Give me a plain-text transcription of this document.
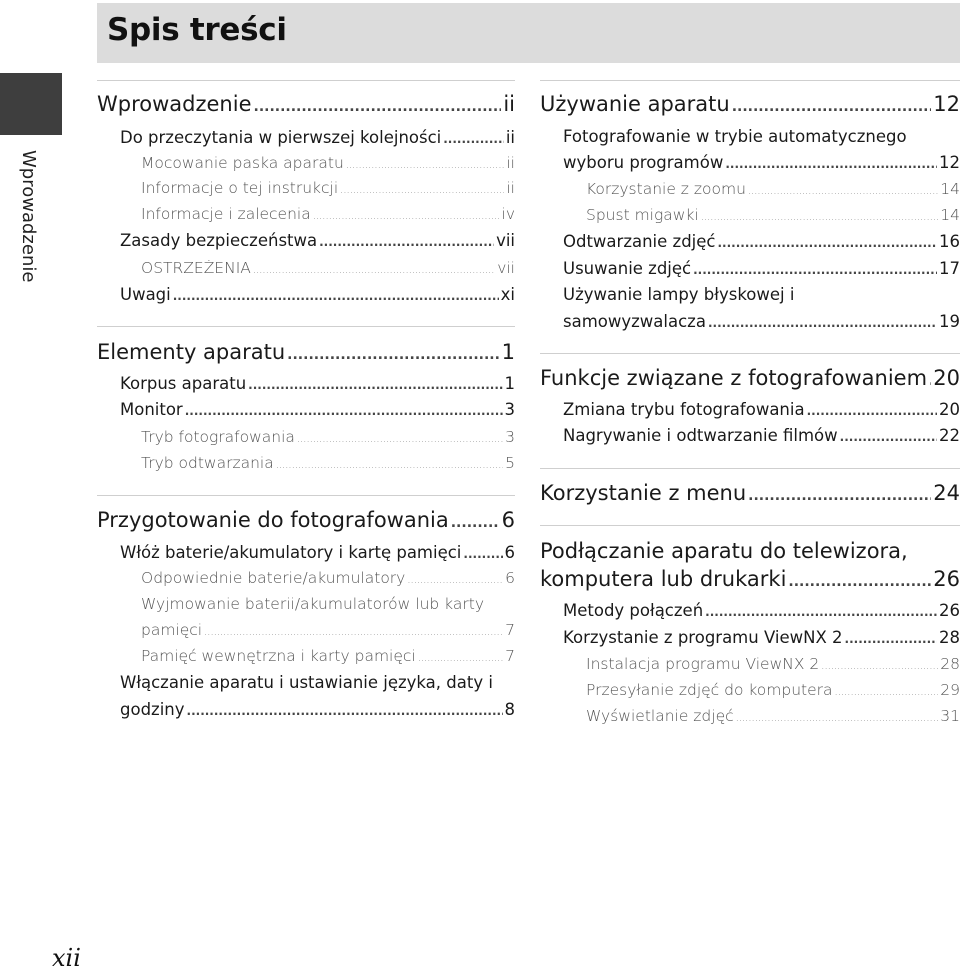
Spis treści
Wprowadzenie
Wprowadzenie .....	ii
Do przeczytania w pierwszej kolejności .....	ii
Mocowanie paska aparatu .....	ii
Informacje o tej instrukcji .....	ii
Informacje i zalecenia .....	iv
Zasady bezpieczeństwa .....	vii
OSTRZEŻENIA .....	vii
Uwagi .....	xi
Elementy aparatu .....	1
Korpus aparatu .....	1
Monitor .....	3
Tryb fotografowania .....	3
Tryb odtwarzania .....	5
Przygotowanie do fotografowania .....	6
Włóż baterie/akumulatory i kartę pamięci .....	6
Odpowiednie baterie/akumulatory .....	6
Wyjmowanie baterii/akumulatorów lub karty
pamięci .....	7
Pamięć wewnętrzna i karty pamięci .....	7
Włączanie aparatu i ustawianie języka, daty i
godziny .....	8
Używanie aparatu .....	12
Fotografowanie w trybie automatycznego
wyboru programów .....	12
Korzystanie z zoomu .....	14
Spust migawki .....	14
Odtwarzanie zdjęć .....	16
Usuwanie zdjęć .....	17
Używanie lampy błyskowej i
samowyzwalacza .....	19
Funkcje związane z fotografowaniem ..... 20
Zmiana trybu fotografowania .....	20
Nagrywanie i odtwarzanie filmów .....	22
Korzystanie z menu .....	24
Podłączanie aparatu do telewizora,
komputera lub drukarki .....	26
Metody połączeń .....	26
Korzystanie z programu ViewNX 2 .....	28
Instalacja programu ViewNX 2 .....	28
Przesyłanie zdjęć do komputera .....	29
Wyświetlanie zdjęć .....	31
xii
